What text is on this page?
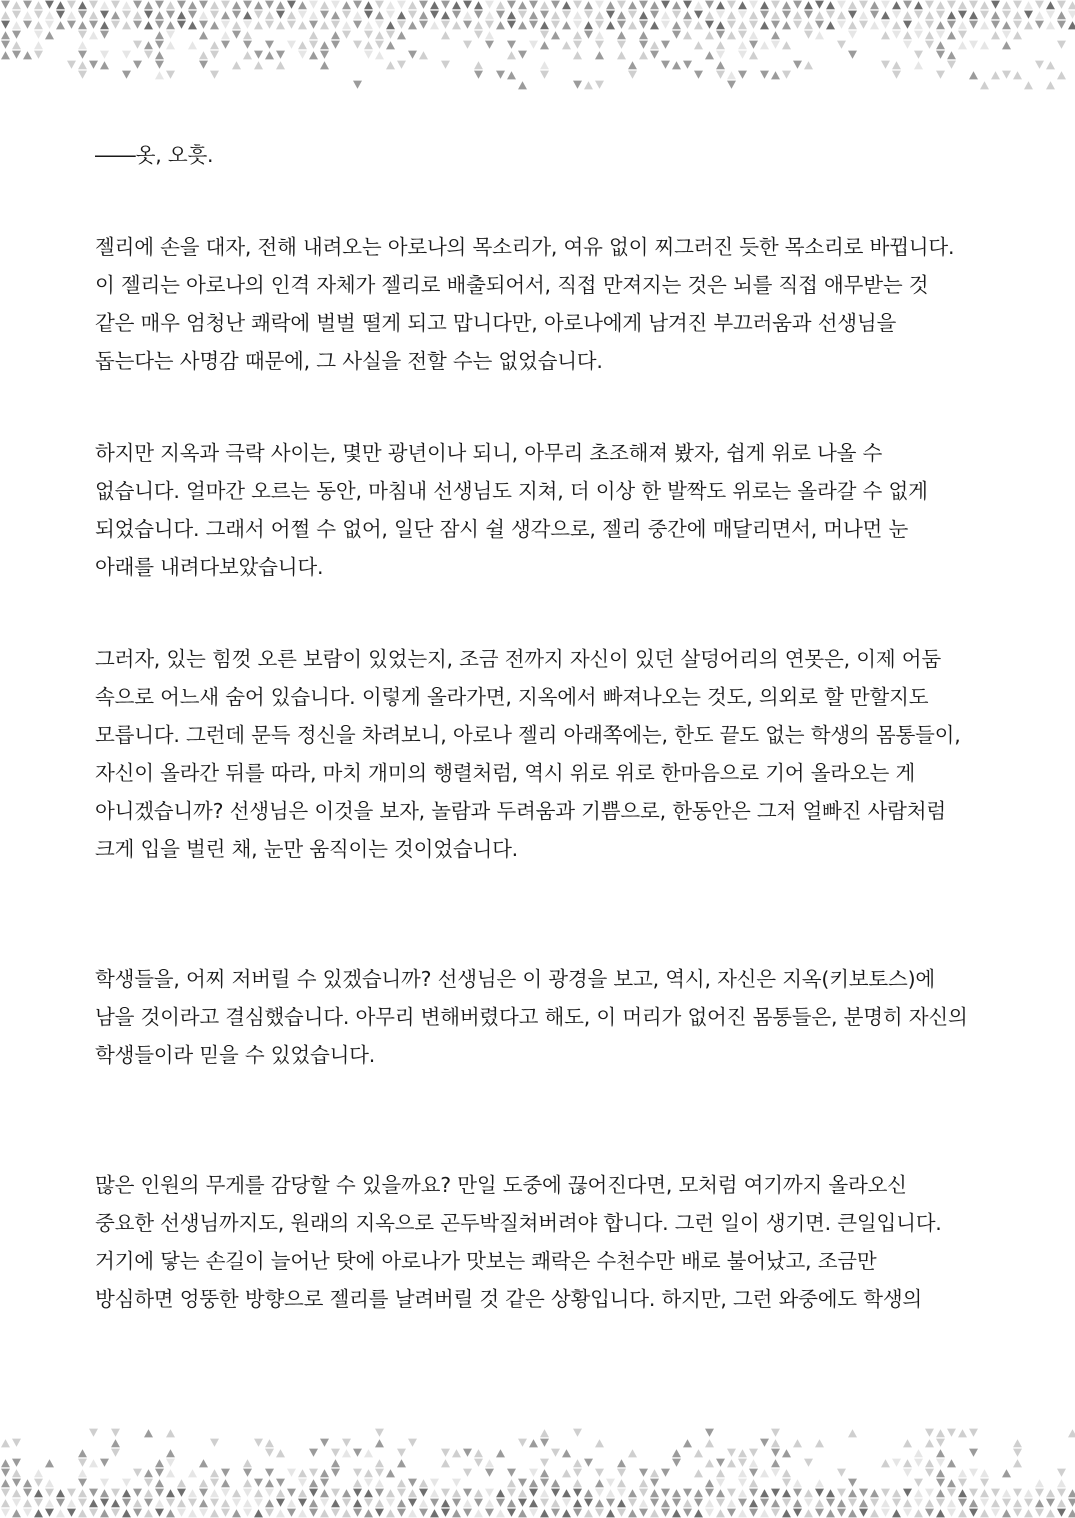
――옷, 오흣.
젤리에 손을 대자, 전해 내려오는 아로나의 목소리가, 여유 없이 찌그러진 듯한 목소리로 바뀝니다.
이 젤리는 아로나의 인격 자체가 젤리로 배출되어서, 직접 만져지는 것은 뇌를 직접 애무받는 것
같은 매우 엄청난 쾌락에 벌벌 떨게 되고 맙니다만, 아로나에게 남겨진 부끄러움과 선생님을
돕는다는 사명감 때문에, 그 사실을 전할 수는 없었습니다.
하지만 지옥과 극락 사이는, 몇만 광년이나 되니, 아무리 초조해져 봤자, 쉽게 위로 나올 수
없습니다. 얼마간 오르는 동안, 마침내 선생님도 지쳐, 더 이상 한 발짝도 위로는 올라갈 수 없게
되었습니다. 그래서 어쩔 수 없어, 일단 잠시 쉴 생각으로, 젤리 중간에 매달리면서, 머나먼 눈
아래를 내려다보았습니다.
그러자, 있는 힘껏 오른 보람이 있었는지, 조금 전까지 자신이 있던 살덩어리의 연못은, 이제 어둠
속으로 어느새 숨어 있습니다. 이렇게 올라가면, 지옥에서 빠져나오는 것도, 의외로 할 만할지도
모릅니다. 그런데 문득 정신을 차려보니, 아로나 젤리 아래쪽에는, 한도 끝도 없는 학생의 몸통들이,
자신이 올라간 뒤를 따라, 마치 개미의 행렬처럼, 역시 위로 위로 한마음으로 기어 올라오는 게
아니겠습니까? 선생님은 이것을 보자, 놀람과 두려움과 기쁨으로, 한동안은 그저 얼빠진 사람처럼
크게 입을 벌린 채, 눈만 움직이는 것이었습니다.
학생들을, 어찌 저버릴 수 있겠습니까? 선생님은 이 광경을 보고, 역시, 자신은 지옥(키보토스)에
남을 것이라고 결심했습니다. 아무리 변해버렸다고 해도, 이 머리가 없어진 몸통들은, 분명히 자신의
학생들이라 믿을 수 있었습니다.
많은 인원의 무게를 감당할 수 있을까요? 만일 도중에 끊어진다면, 모처럼 여기까지 올라오신
중요한 선생님까지도, 원래의 지옥으로 곤두박질쳐버려야 합니다. 그런 일이 생기면. 큰일입니다.
거기에 닿는 손길이 늘어난 탓에 아로나가 맛보는 쾌락은 수천수만 배로 불어났고, 조금만
방심하면 엉뚱한 방향으로 젤리를 날려버릴 것 같은 상황입니다. 하지만, 그런 와중에도 학생의
